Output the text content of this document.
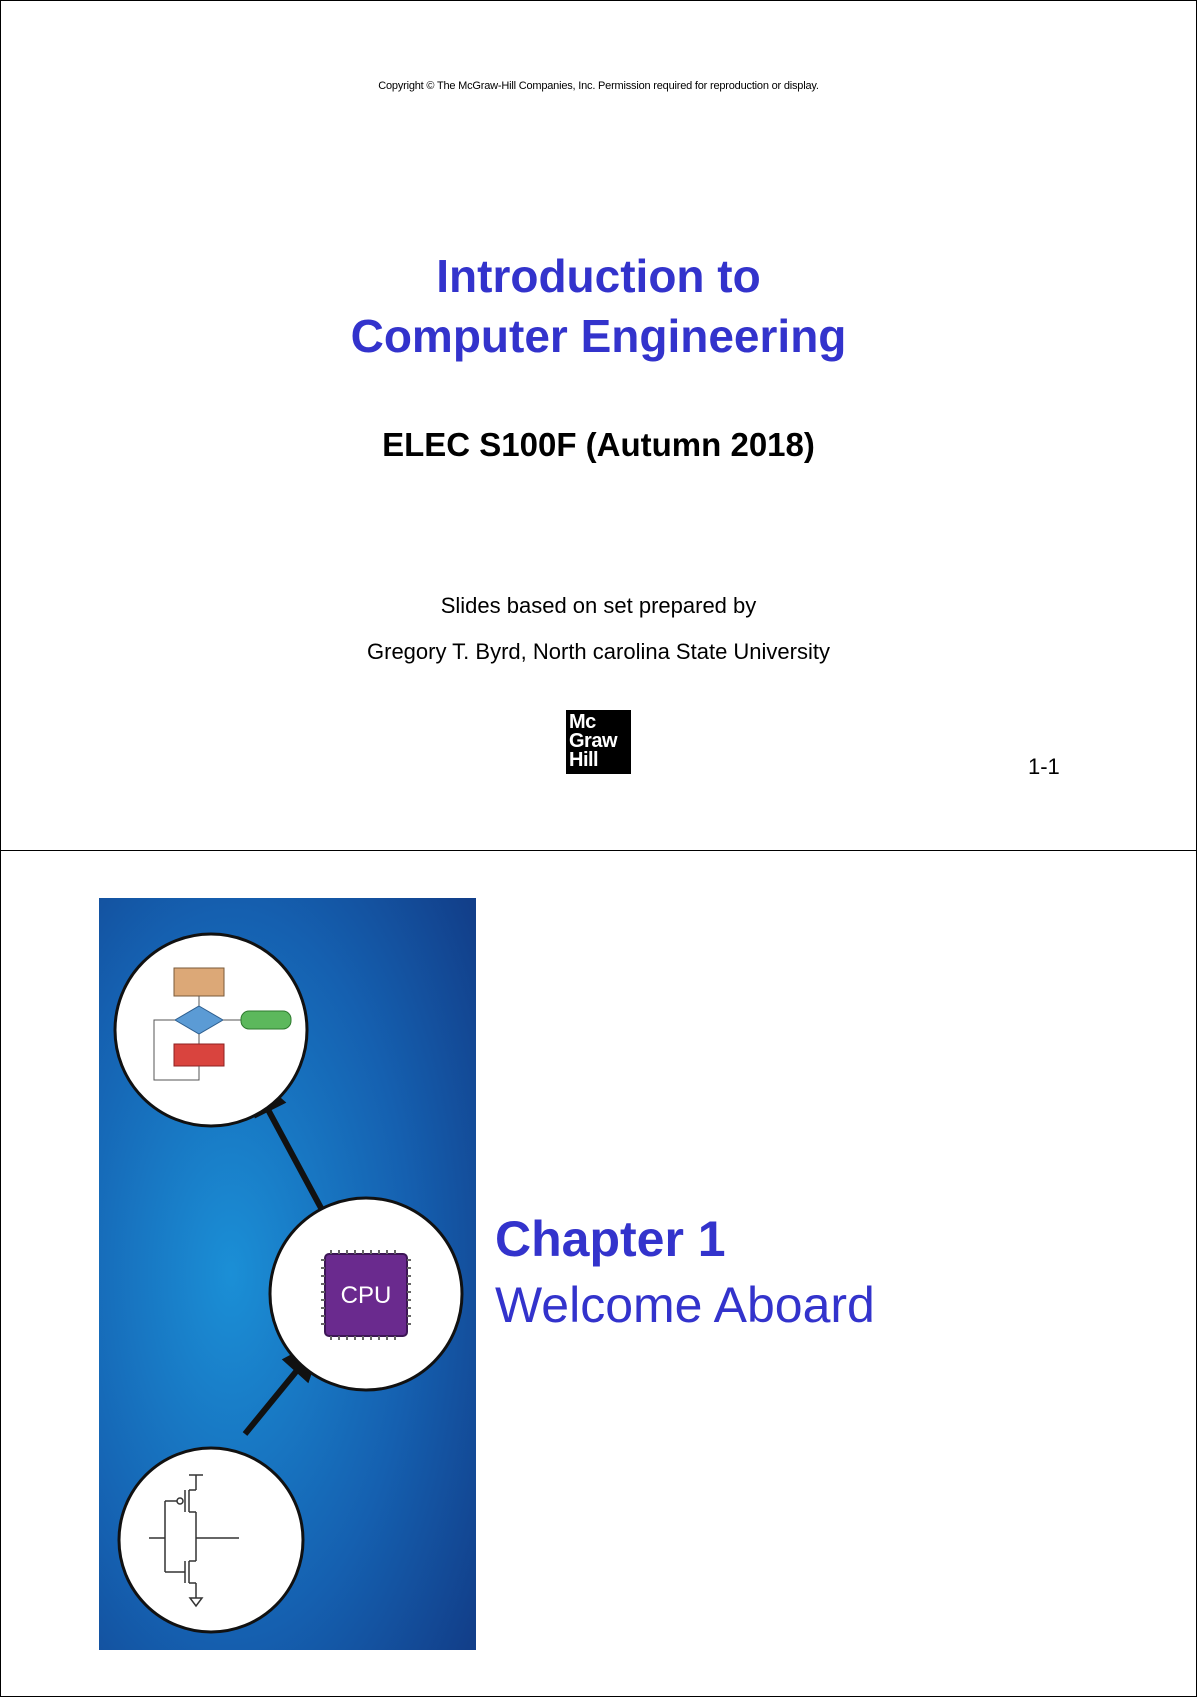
Copyright © The McGraw-Hill Companies, Inc. Permission required for reproduction or display.
Introduction to
Computer Engineering
ELEC S100F (Autumn 2018)
Slides based on set prepared by
Gregory T. Byrd, North carolina State University
Mc
Graw
Hill	1-1
CPU
Chapter 1
Welcome Aboard
